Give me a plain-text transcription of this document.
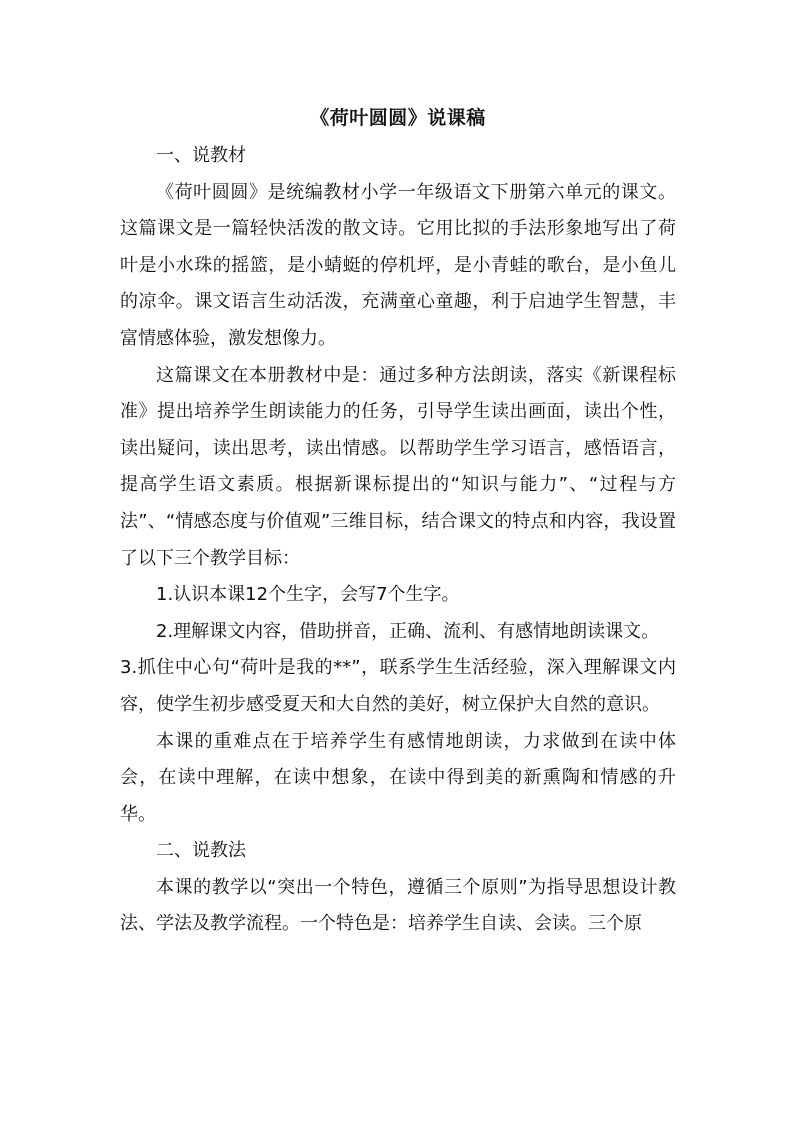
《荷叶圆圆》说课稿

一、说教材

《荷叶圆圆》是统编教材小学一年级语文下册第六单元的课文。这篇课文是一篇轻快活泼的散文诗。它用比拟的手法形象地写出了荷叶是小水珠的摇篮，是小蜻蜓的停机坪，是小青蛙的歌台，是小鱼儿的凉伞。课文语言生动活泼，充满童心童趣，利于启迪学生智慧，丰富情感体验，激发想像力。

这篇课文在本册教材中是：通过多种方法朗读，落实《新课程标准》提出培养学生朗读能力的任务，引导学生读出画面，读出个性，读出疑问，读出思考，读出情感。以帮助学生学习语言，感悟语言，提高学生语文素质。根据新课标提出的“知识与能力”、“过程与方法”、“情感态度与价值观”三维目标，结合课文的特点和内容，我设置了以下三个教学目标：

1.认识本课12个生字，会写7个生字。

2.理解课文内容，借助拼音，正确、流利、有感情地朗读课文。

3.抓住中心句“荷叶是我的**”，联系学生生活经验，深入理解课文内容，使学生初步感受夏天和大自然的美好，树立保护大自然的意识。

本课的重难点在于培养学生有感情地朗读，力求做到在读中体会，在读中理解，在读中想象，在读中得到美的新熏陶和情感的升华。

二、说教法

本课的教学以“突出一个特色，遵循三个原则”为指导思想设计教法、学法及教学流程。一个特色是：培养学生自读、会读。三个原
